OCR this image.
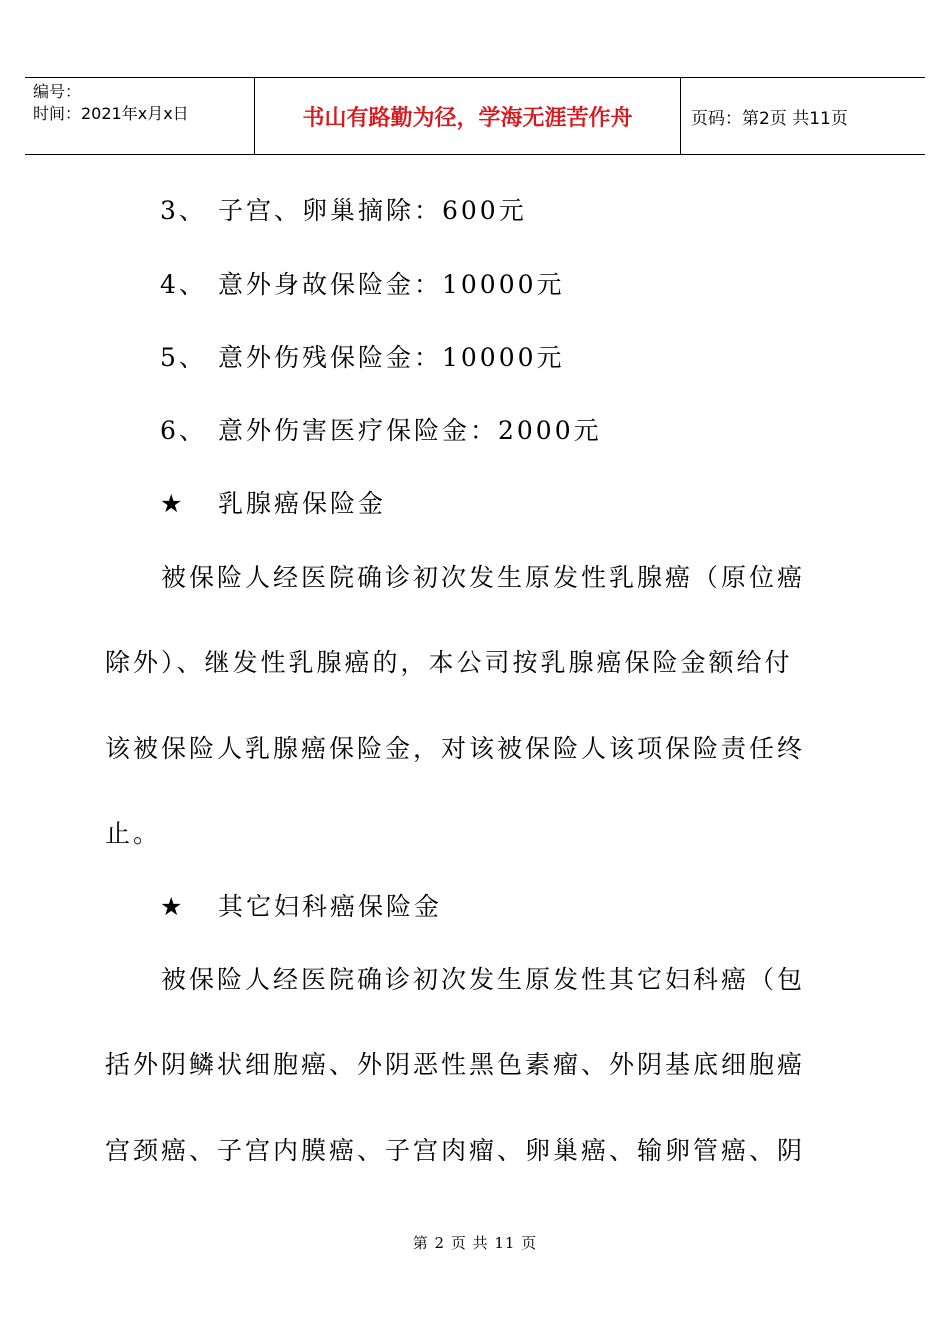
编号：
时间：2021年x月x日	书山有路勤为径，学海无涯苦作舟	页码：第2页 共11页
3、 子宫、卵巢摘除：600元
4、 意外身故保险金：10000元
5、 意外伤残保险金：10000元
6、 意外伤害医疗保险金：2000元
★ 乳腺癌保险金
被保险人经医院确诊初次发生原发性乳腺癌（原位癌
除外）、继发性乳腺癌的，本公司按乳腺癌保险金额给付
该被保险人乳腺癌保险金，对该被保险人该项保险责任终
止。
★ 其它妇科癌保险金
被保险人经医院确诊初次发生原发性其它妇科癌（包
括外阴鳞状细胞癌、外阴恶性黑色素瘤、外阴基底细胞癌
宫颈癌、子宫内膜癌、子宫肉瘤、卵巢癌、输卵管癌、阴
第 2 页 共 11 页
